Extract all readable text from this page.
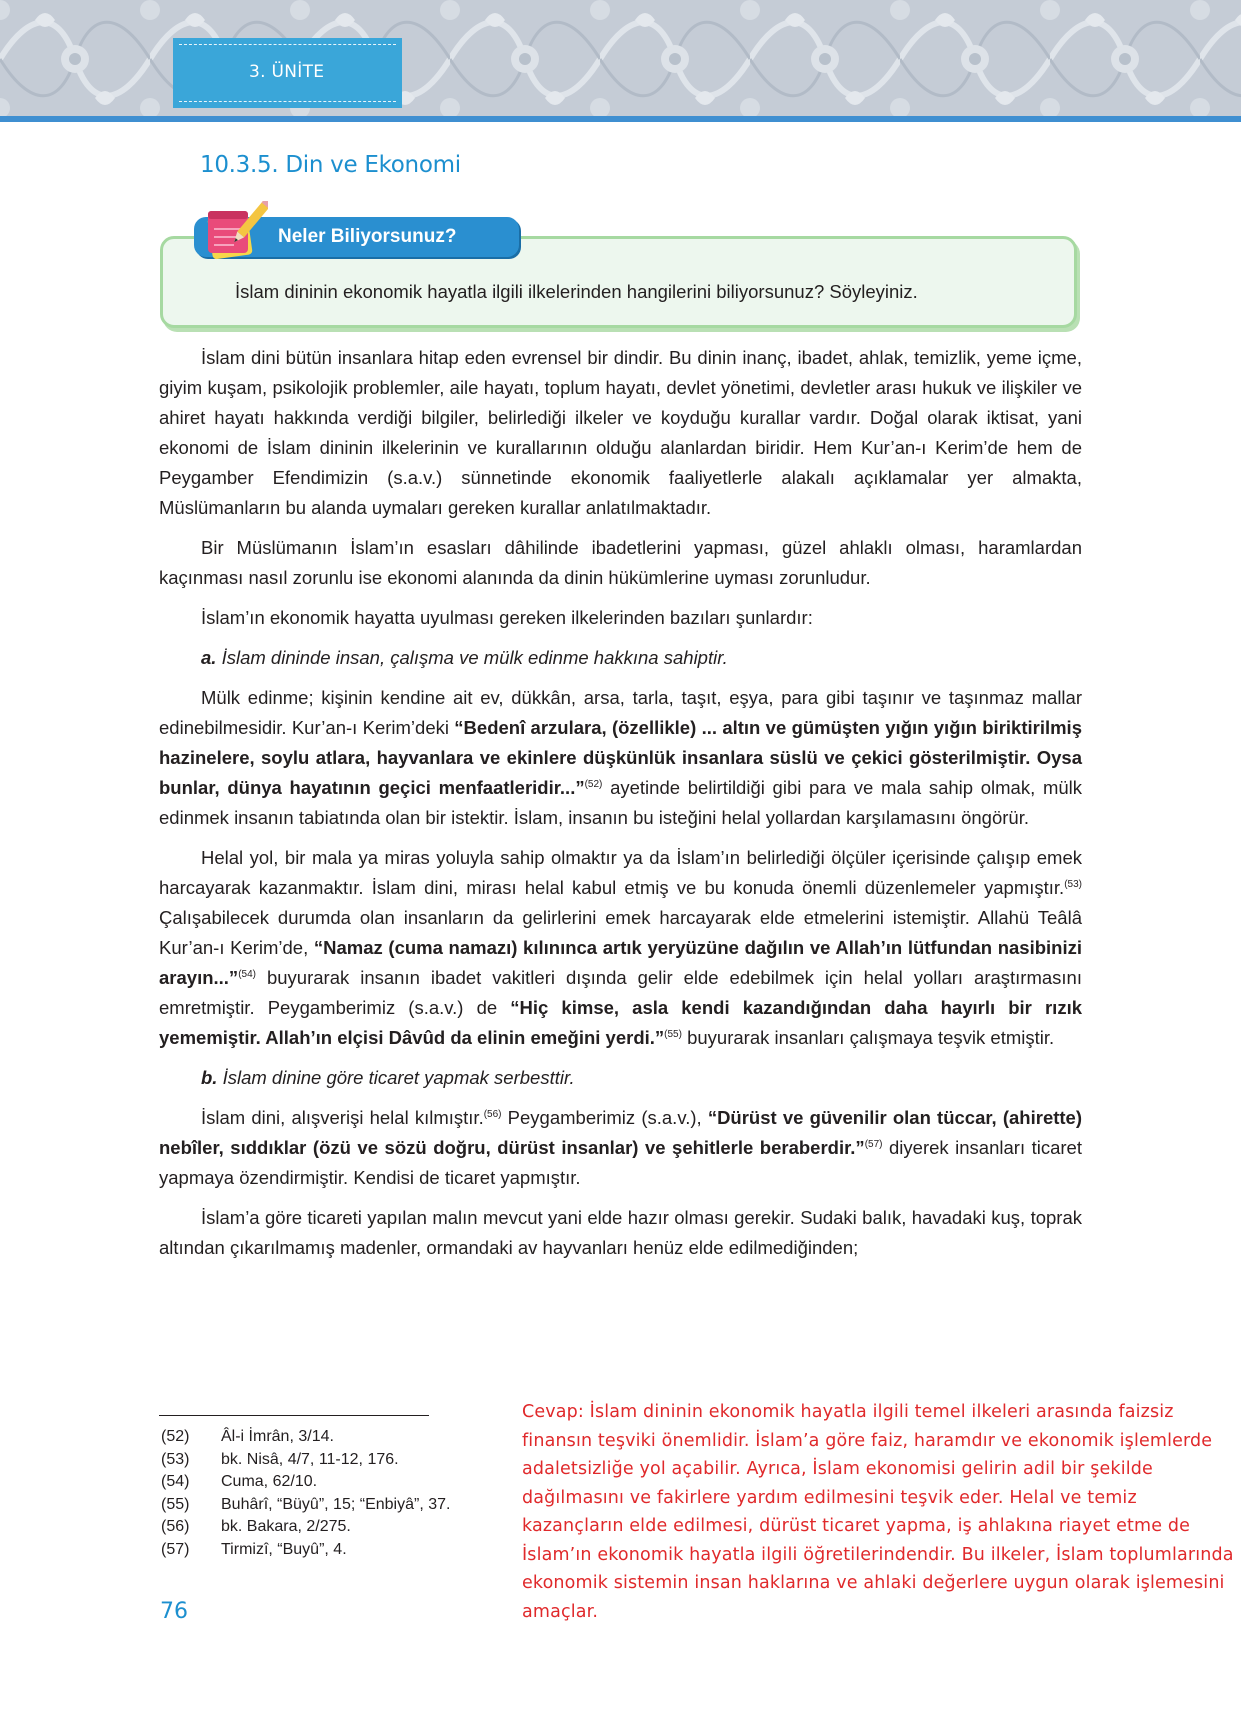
3. ÜNİTE
10.3.5. Din ve Ekonomi
İslam dininin ekonomik hayatla ilgili ilkelerinden hangilerini biliyorsunuz? Söyleyiniz.
Neler Biliyorsunuz?

İslam dini bütün insanlara hitap eden evrensel bir dindir. Bu dinin inanç, ibadet, ahlak, temizlik, yeme içme, giyim kuşam, psikolojik problemler, aile hayatı, toplum hayatı, devlet yönetimi, devletler arası hukuk ve ilişkiler ve ahiret hayatı hakkında verdiği bilgiler, belirlediği ilkeler ve koyduğu kurallar vardır. Doğal olarak iktisat, yani ekonomi de İslam dininin ilkelerinin ve kurallarının olduğu alanlardan biridir. Hem Kur’an-ı Kerim’de hem de Peygamber Efendimizin (s.a.v.) sünnetinde ekonomik faaliyetlerle alakalı açıklamalar yer almakta, Müslümanların bu alanda uymaları gereken kurallar anlatılmaktadır.

Bir Müslümanın İslam’ın esasları dâhilinde ibadetlerini yapması, güzel ahlaklı olması, haramlardan kaçınması nasıl zorunlu ise ekonomi alanında da dinin hükümlerine uyması zorunludur.

İslam’ın ekonomik hayatta uyulması gereken ilkelerinden bazıları şunlardır:

a. İslam dininde insan, çalışma ve mülk edinme hakkına sahiptir.

Mülk edinme; kişinin kendine ait ev, dükkân, arsa, tarla, taşıt, eşya, para gibi taşınır ve taşınmaz mallar edinebilmesidir. Kur’an-ı Kerim’deki “Bedenî arzulara, (özellikle) ... altın ve gümüşten yığın yığın biriktirilmiş hazinelere, soylu atlara, hayvanlara ve ekinlere düşkünlük insanlara süslü ve çekici gösterilmiştir. Oysa bunlar, dünya hayatının geçici menfaatleridir...”$^{(52)}$ ayetinde belirtildiği gibi para ve mala sahip olmak, mülk edinmek insanın tabiatında olan bir istektir. İslam, insanın bu isteğini helal yollardan karşılamasını öngörür.

Helal yol, bir mala ya miras yoluyla sahip olmaktır ya da İslam’ın belirlediği ölçüler içerisinde çalışıp emek harcayarak kazanmaktır. İslam dini, mirası helal kabul etmiş ve bu konuda önemli düzenlemeler yapmıştır.$^{(53)}$ Çalışabilecek durumda olan insanların da gelirlerini emek harcayarak elde etmelerini istemiştir. Allahü Teâlâ Kur’an-ı Kerim’de, “Namaz (cuma namazı) kılınınca artık yeryüzüne dağılın ve Allah’ın lütfundan nasibinizi arayın...”$^{(54)}$ buyurarak insanın ibadet vakitleri dışında gelir elde edebilmek için helal yolları araştırmasını emretmiştir. Peygamberimiz (s.a.v.) de “Hiç kimse, asla kendi kazandığından daha hayırlı bir rızık yememiştir. Allah’ın elçisi Dâvûd da elinin emeğini yerdi.”$^{(55)}$ buyurarak insanları çalışmaya teşvik etmiştir.

b. İslam dinine göre ticaret yapmak serbesttir.

İslam dini, alışverişi helal kılmıştır.$^{(56)}$ Peygamberimiz (s.a.v.), “Dürüst ve güvenilir olan tüccar, (ahirette) nebîler, sıddıklar (özü ve sözü doğru, dürüst insanlar) ve şehitlerle beraberdir.”$^{(57)}$ diyerek insanları ticaret yapmaya özendirmiştir. Kendisi de ticaret yapmıştır.

İslam’a göre ticareti yapılan malın mevcut yani elde hazır olması gerekir. Sudaki balık, havadaki kuş, toprak altından çıkarılmamış madenler, ormandaki av hayvanları henüz elde edilmediğinden;

(52) Âl-i İmrân, 3/14.
(53) bk. Nisâ, 4/7, 11-12, 176.
(54) Cuma, 62/10.
(55) Buhârî, “Büyû”, 15; “Enbiyâ”, 37.
(56) bk. Bakara, 2/275.
(57) Tirmizî, “Buyû”, 4.
76
Cevap: İslam dininin ekonomik hayatla ilgili temel ilkeleri arasında faizsiz finansın teşviki önemlidir. İslam’a göre faiz, haramdır ve ekonomik işlemlerde adaletsizliğe yol açabilir. Ayrıca, İslam ekonomisi gelirin adil bir şekilde dağılmasını ve fakirlere yardım edilmesini teşvik eder. Helal ve temiz kazançların elde edilmesi, dürüst ticaret yapma, iş ahlakına riayet etme de İslam’ın ekonomik hayatla ilgili öğretilerindendir. Bu ilkeler, İslam toplumlarında ekonomik sistemin insan haklarına ve ahlaki değerlere uygun olarak işlemesini amaçlar.
